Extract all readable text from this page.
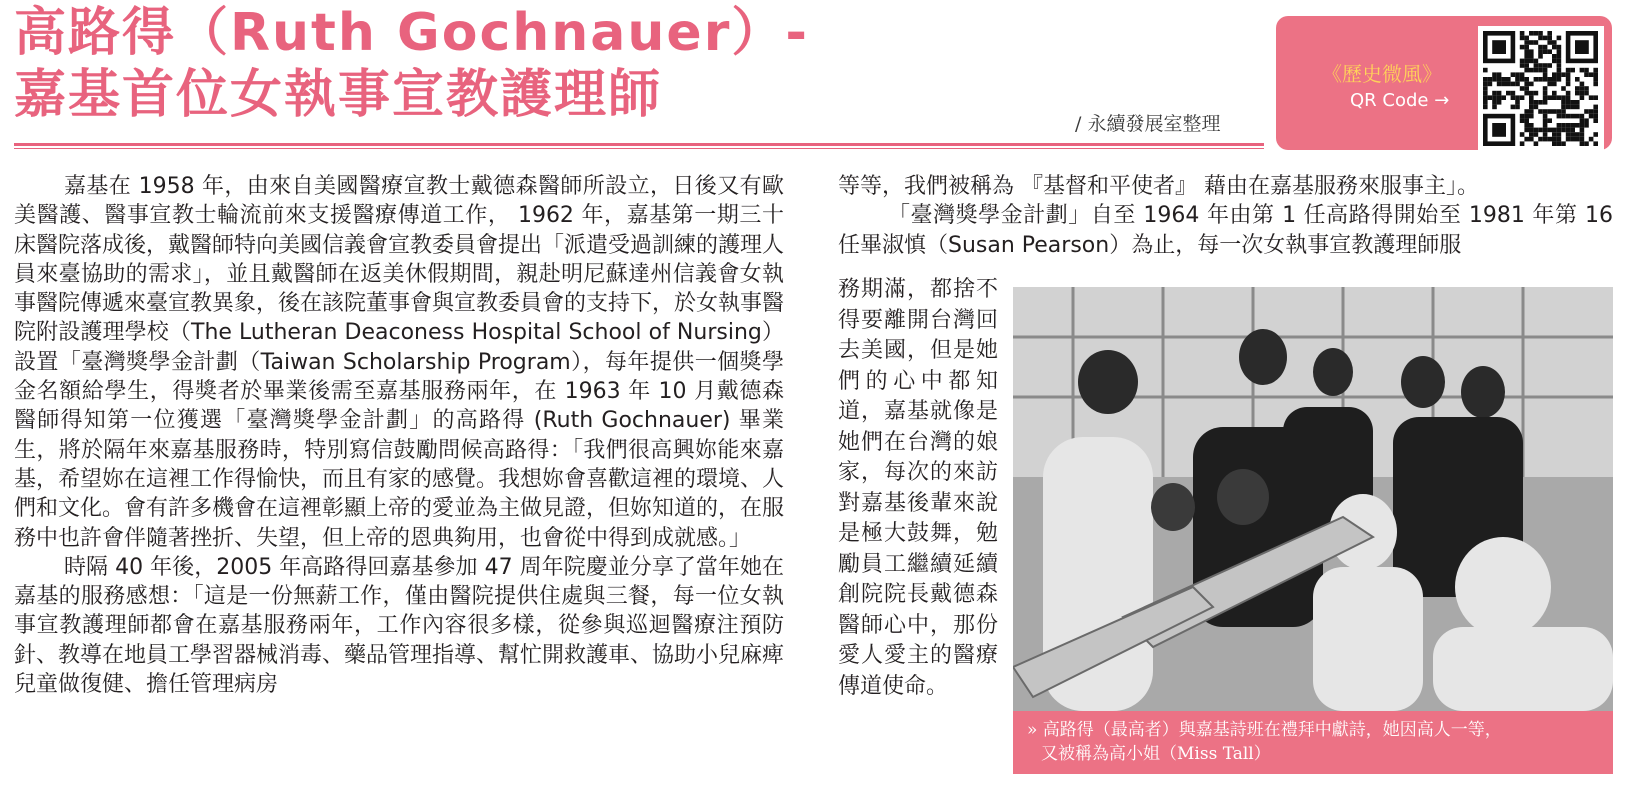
高路得（Ruth Gochnauer）-
嘉基首位女執事宣教護理師	/ 永續發展室整理
《歷史微風》
QR Code →

嘉基在 1958 年，由來自美國醫療宣教士戴德森醫師所設立，日後又有歐美醫護、醫事宣教士輪流前來支援醫療傳道工作， 1962 年，嘉基第一期三十床醫院落成後，戴醫師特向美國信義會宣教委員會提出「派遣受過訓練的護理人員來臺協助的需求」，並且戴醫師在返美休假期間，親赴明尼蘇達州信義會女執事醫院傳遞來臺宣教異象，後在該院董事會與宣教委員會的支持下，於女執事醫院附設護理學校（The Lutheran Deaconess Hospital School of Nursing）設置「臺灣獎學金計劃（Taiwan Scholarship Program），每年提供一個獎學金名額給學生，得獎者於畢業後需至嘉基服務兩年，在 1963 年 10 月戴德森醫師得知第一位獲選「臺灣獎學金計劃」的高路得 (Ruth Gochnauer) 畢業生，將於隔年來嘉基服務時，特別寫信鼓勵問候高路得：「我們很高興妳能來嘉基，希望妳在這裡工作得愉快，而且有家的感覺。我想妳會喜歡這裡的環境、人們和文化。會有許多機會在這裡彰顯上帝的愛並為主做見證，但妳知道的，在服務中也許會伴隨著挫折、失望，但上帝的恩典夠用，也會從中得到成就感。」

時隔 40 年後，2005 年高路得回嘉基參加 47 周年院慶並分享了當年她在嘉基的服務感想：「這是一份無薪工作，僅由醫院提供住處與三餐，每一位女執事宣教護理師都會在嘉基服務兩年，工作內容很多樣，從參與巡迴醫療注預防針、教導在地員工學習器械消毒、藥品管理指導、幫忙開救護車、協助小兒麻痺兒童做復健、擔任管理病房

等等，我們被稱為 『基督和平使者』 藉由在嘉基服務來服事主」。

「臺灣獎學金計劃」自至 1964 年由第 1 任高路得開始至 1981 年第 16 任畢淑慎（Susan Pearson）為止，每一次女執事宣教護理師服

務期滿，都捨不得要離開台灣回去美國，但是她們的心中都知道，嘉基就像是她們在台灣的娘家，每次的來訪對嘉基後輩來說是極大鼓舞，勉勵員工繼續延續創院院長戴德森醫師心中，那份愛人愛主的醫療傳道使命。
» 高路得（最高者）與嘉基詩班在禮拜中獻詩，她因高人一等，
又被稱為高小姐（Miss Tall）
